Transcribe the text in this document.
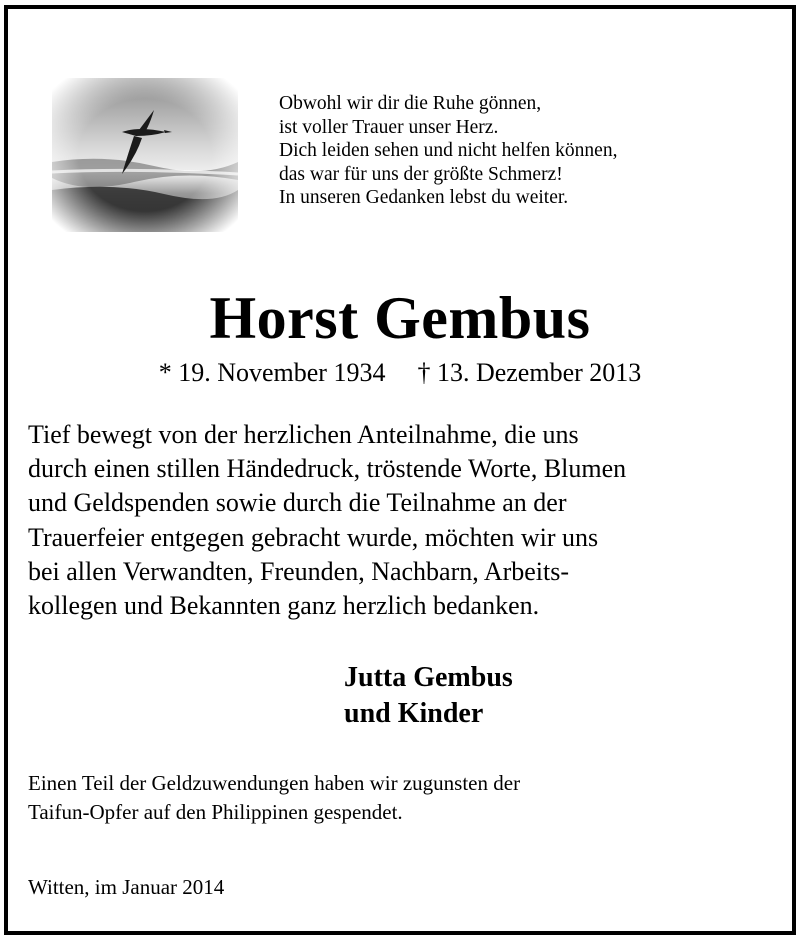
Obwohl wir dir die Ruhe gönnen,
ist voller Trauer unser Herz.
Dich leiden sehen und nicht helfen können,
das war für uns der größte Schmerz!
In unseren Gedanken lebst du weiter.
Horst Gembus
* 19. November 1934 † 13. Dezember 2013
Tief bewegt von der herzlichen Anteilnahme, die uns
durch einen stillen Händedruck, tröstende Worte, Blumen
und Geldspenden sowie durch die Teilnahme an der
Trauerfeier entgegen gebracht wurde, möchten wir uns
bei allen Verwandten, Freunden, Nachbarn, Arbeits-
kollegen und Bekannten ganz herzlich bedanken.
Jutta Gembus
und Kinder
Einen Teil der Geldzuwendungen haben wir zugunsten der
Taifun-Opfer auf den Philippinen gespendet.
Witten, im Januar 2014
